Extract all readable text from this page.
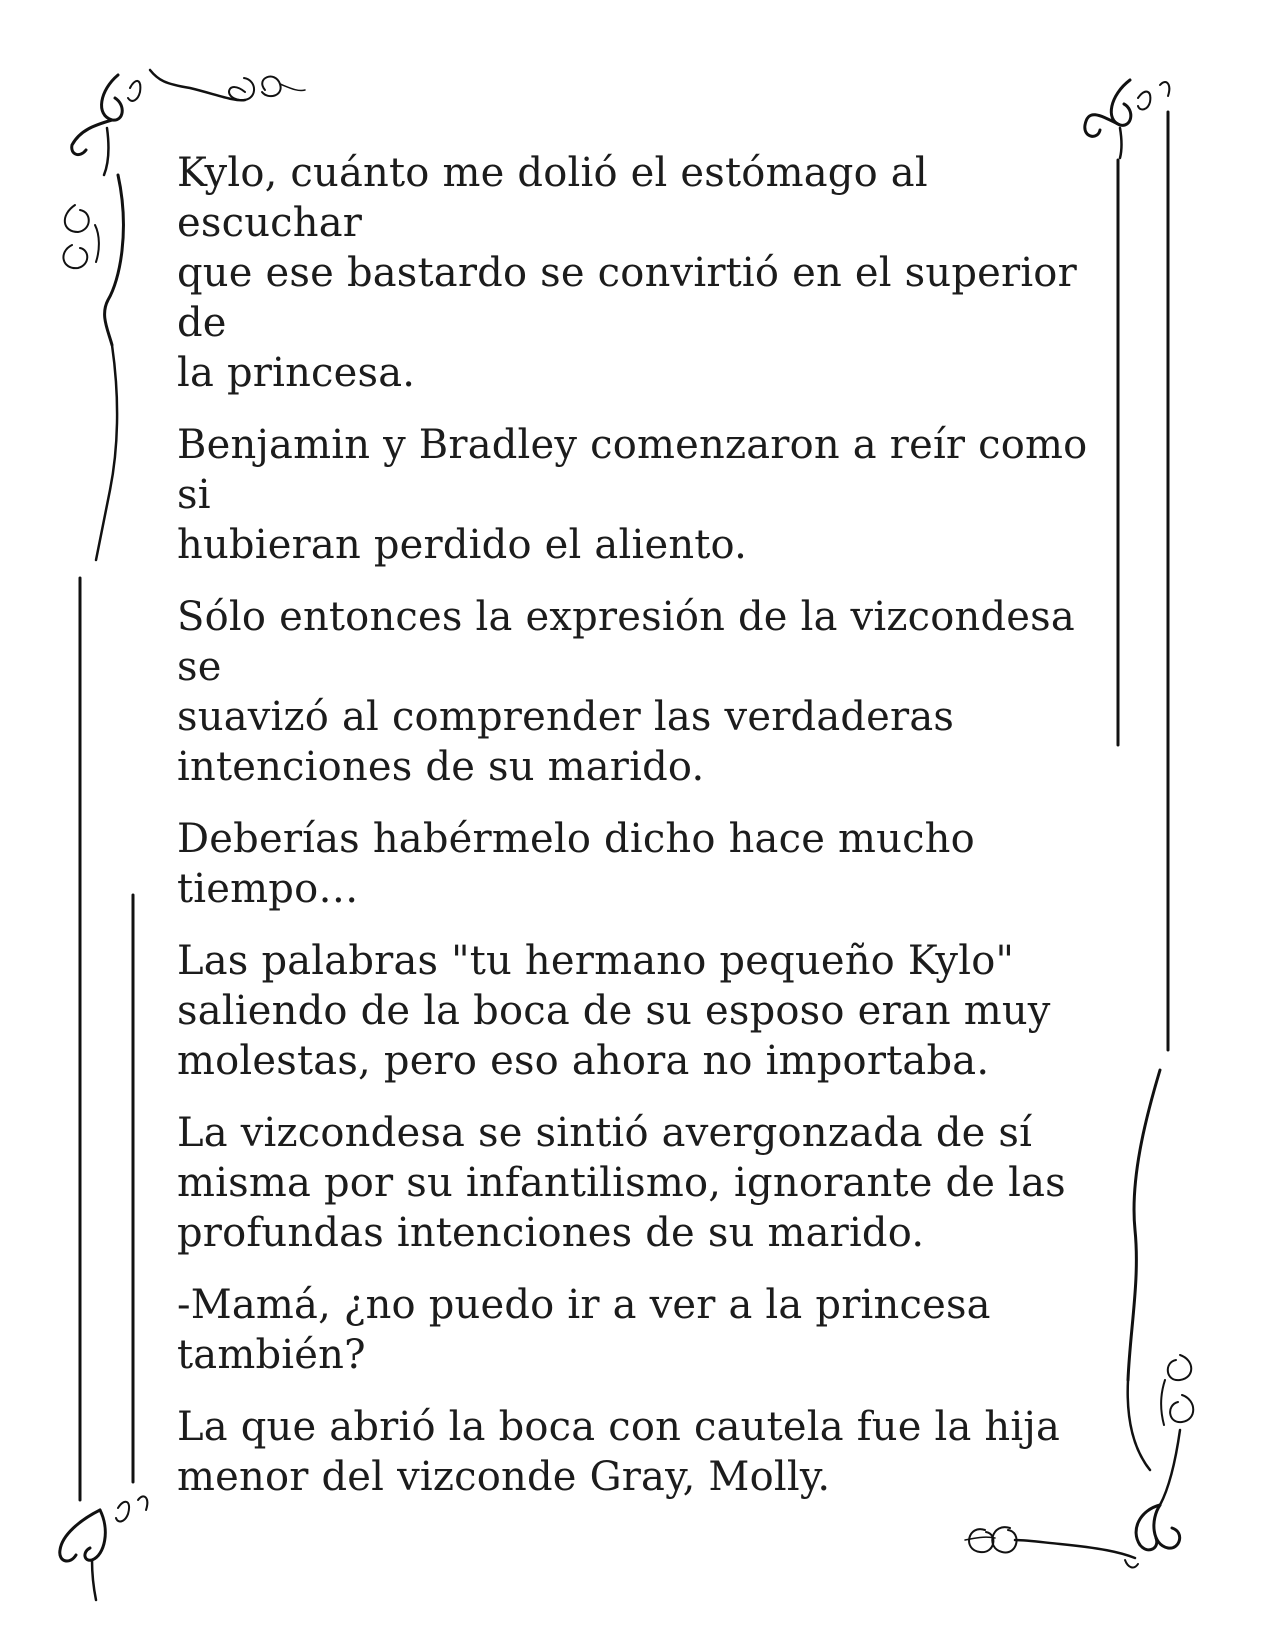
Kylo, cuánto me dolió el estómago al escuchar
que ese bastardo se convirtió en el superior de
la princesa.

Benjamin y Bradley comenzaron a reír como si
hubieran perdido el aliento.

Sólo entonces la expresión de la vizcondesa se
suavizó al comprender las verdaderas
intenciones de su marido.

Deberías habérmelo dicho hace mucho
tiempo…

Las palabras "tu hermano pequeño Kylo"
saliendo de la boca de su esposo eran muy
molestas, pero eso ahora no importaba.

La vizcondesa se sintió avergonzada de sí
misma por su infantilismo, ignorante de las
profundas intenciones de su marido.

-Mamá, ¿no puedo ir a ver a la princesa
también?

La que abrió la boca con cautela fue la hija
menor del vizconde Gray, Molly.
